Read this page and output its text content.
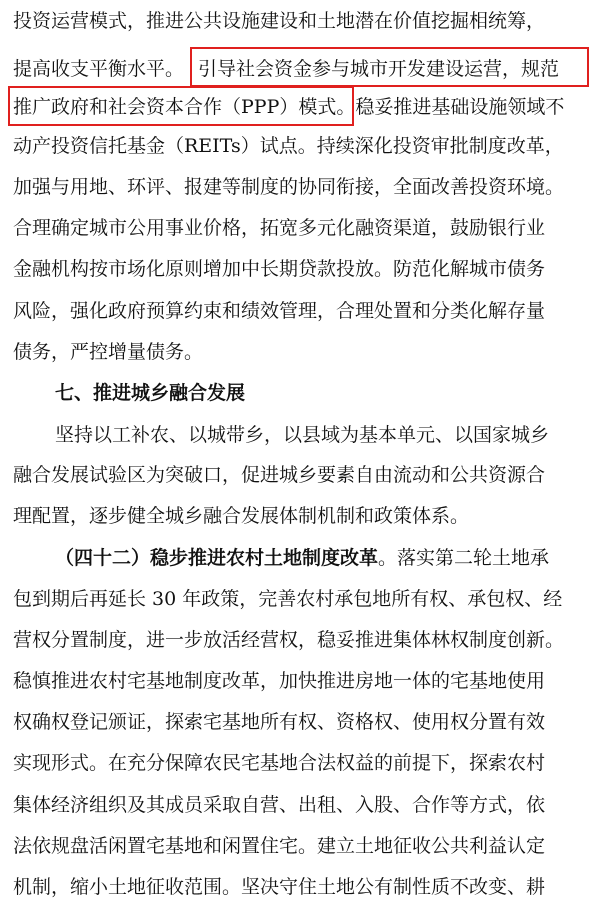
投资运营模式，推进公共设施建设和土地潜在价值挖掘相统筹，
提高收支平衡水平。 引导社会资金参与城市开发建设运营，规范
推广政府和社会资本合作（PPP）模式。稳妥推进基础设施领域不
动产投资信托基金（REITs）试点。持续深化投资审批制度改革，
加强与用地、环评、报建等制度的协同衔接，全面改善投资环境。
合理确定城市公用事业价格，拓宽多元化融资渠道，鼓励银行业
金融机构按市场化原则增加中长期贷款投放。防范化解城市债务
风险，强化政府预算约束和绩效管理，合理处置和分类化解存量
债务，严控增量债务。
七、推进城乡融合发展
坚持以工补农、以城带乡，以县域为基本单元、以国家城乡
融合发展试验区为突破口，促进城乡要素自由流动和公共资源合
理配置，逐步健全城乡融合发展体制机制和政策体系。
（四十二）稳步推进农村土地制度改革。落实第二轮土地承
包到期后再延长 30 年政策，完善农村承包地所有权、承包权、经
营权分置制度，进一步放活经营权，稳妥推进集体林权制度创新。
稳慎推进农村宅基地制度改革，加快推进房地一体的宅基地使用
权确权登记颁证，探索宅基地所有权、资格权、使用权分置有效
实现形式。在充分保障农民宅基地合法权益的前提下，探索农村
集体经济组织及其成员采取自营、出租、入股、合作等方式，依
法依规盘活闲置宅基地和闲置住宅。建立土地征收公共利益认定
机制，缩小土地征收范围。坚决守住土地公有制性质不改变、耕
